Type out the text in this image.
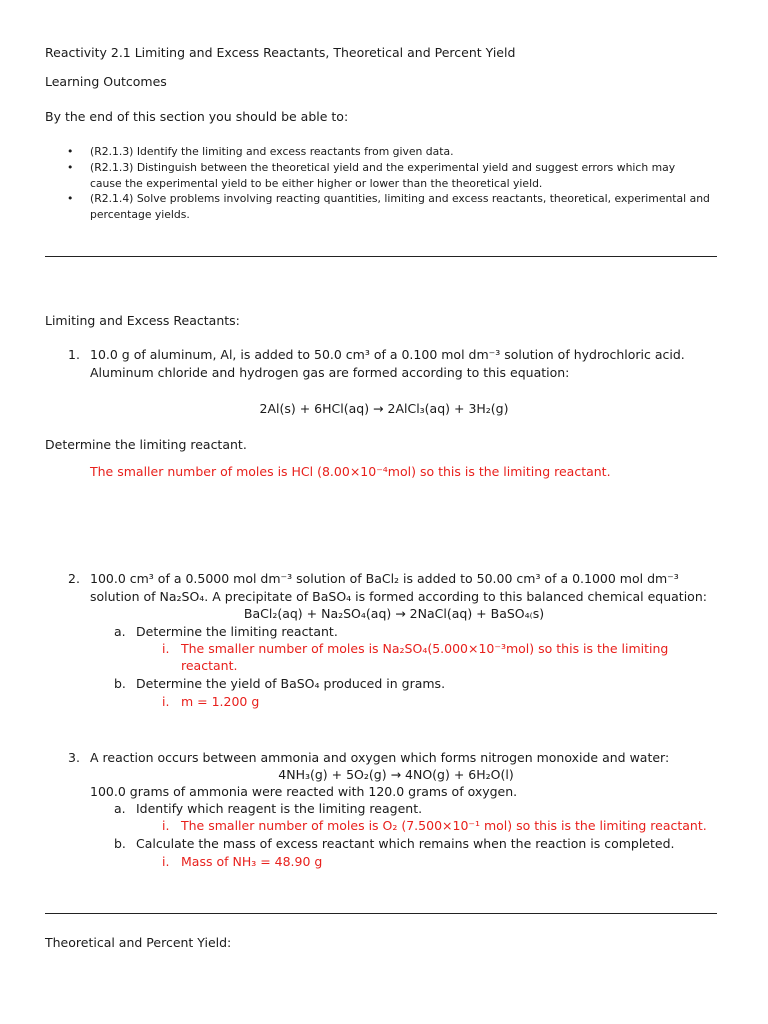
Reactivity 2.1 Limiting and Excess Reactants, Theoretical and Percent Yield
Learning Outcomes
By the end of this section you should be able to:
• (R2.1.3) Identify the limiting and excess reactants from given data.
• (R2.1.3) Distinguish between the theoretical yield and the experimental yield and suggest errors which may cause the experimental yield to be either higher or lower than the theoretical yield.
• (R2.1.4) Solve problems involving reacting quantities, limiting and excess reactants, theoretical, experimental and percentage yields.
Limiting and Excess Reactants:
1. 10.0 g of aluminum, Al, is added to 50.0 cm³ of a 0.100 mol dm⁻³ solution of hydrochloric acid.
Aluminum chloride and hydrogen gas are formed according to this equation:
2Al(s) + 6HCl(aq) → 2AlCl₃(aq) + 3H₂(g)
Determine the limiting reactant.
The smaller number of moles is HCl (8.00×10⁻⁴mol) so this is the limiting reactant.
2. 100.0 cm³ of a 0.5000 mol dm⁻³ solution of BaCl₂ is added to 50.00 cm³ of a 0.1000 mol dm⁻³
solution of Na₂SO₄. A precipitate of BaSO₄ is formed according to this balanced chemical equation:
BaCl₂(aq) + Na₂SO₄(aq) → 2NaCl(aq) + BaSO₄₍s)
a. Determine the limiting reactant.
i. The smaller number of moles is Na₂SO₄(5.000×10⁻³mol) so this is the limiting
reactant.
b. Determine the yield of BaSO₄ produced in grams.
i. m = 1.200 g
3. A reaction occurs between ammonia and oxygen which forms nitrogen monoxide and water:
4NH₃(g) + 5O₂(g) → 4NO(g) + 6H₂O(l)
100.0 grams of ammonia were reacted with 120.0 grams of oxygen.
a. Identify which reagent is the limiting reagent.
i. The smaller number of moles is O₂ (7.500×10⁻¹ mol) so this is the limiting reactant.
b. Calculate the mass of excess reactant which remains when the reaction is completed.
i. Mass of NH₃ = 48.90 g
Theoretical and Percent Yield:
